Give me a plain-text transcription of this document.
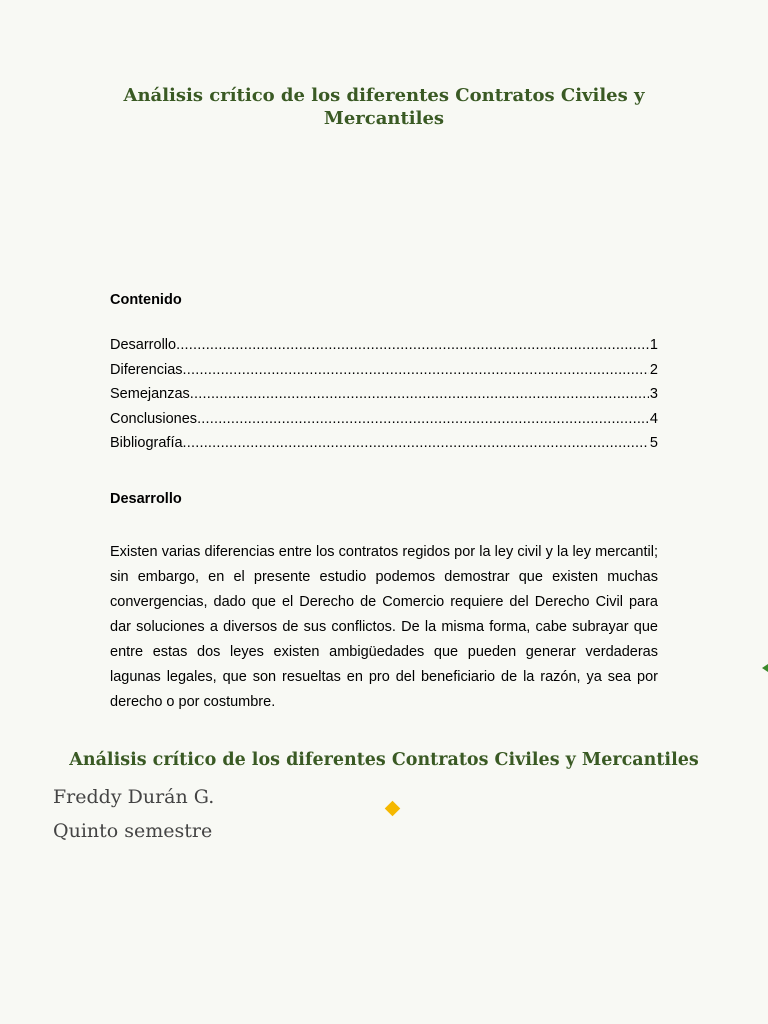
Análisis crítico de los diferentes Contratos Civiles y Mercantiles
Contenido
Desarrollo .....	1
Diferencias .....	2
Semejanzas .....	3
Conclusiones .....	4
Bibliografía .....	5
Desarrollo

Existen varias diferencias entre los contratos regidos por la ley civil y la ley mercantil; sin embargo, en el presente estudio podemos demostrar que existen muchas convergencias, dado que el Derecho de Comercio requiere del Derecho Civil para dar soluciones a diversos de sus conflictos. De la misma forma, cabe subrayar que entre estas dos leyes existen ambigüedades que pueden generar verdaderas lagunas legales, que son resueltas en pro del beneficiario de la razón, ya sea por derecho o por costumbre.

Análisis crítico de los diferentes Contratos Civiles y Mercantiles

Freddy Durán G.

Quinto semestre
